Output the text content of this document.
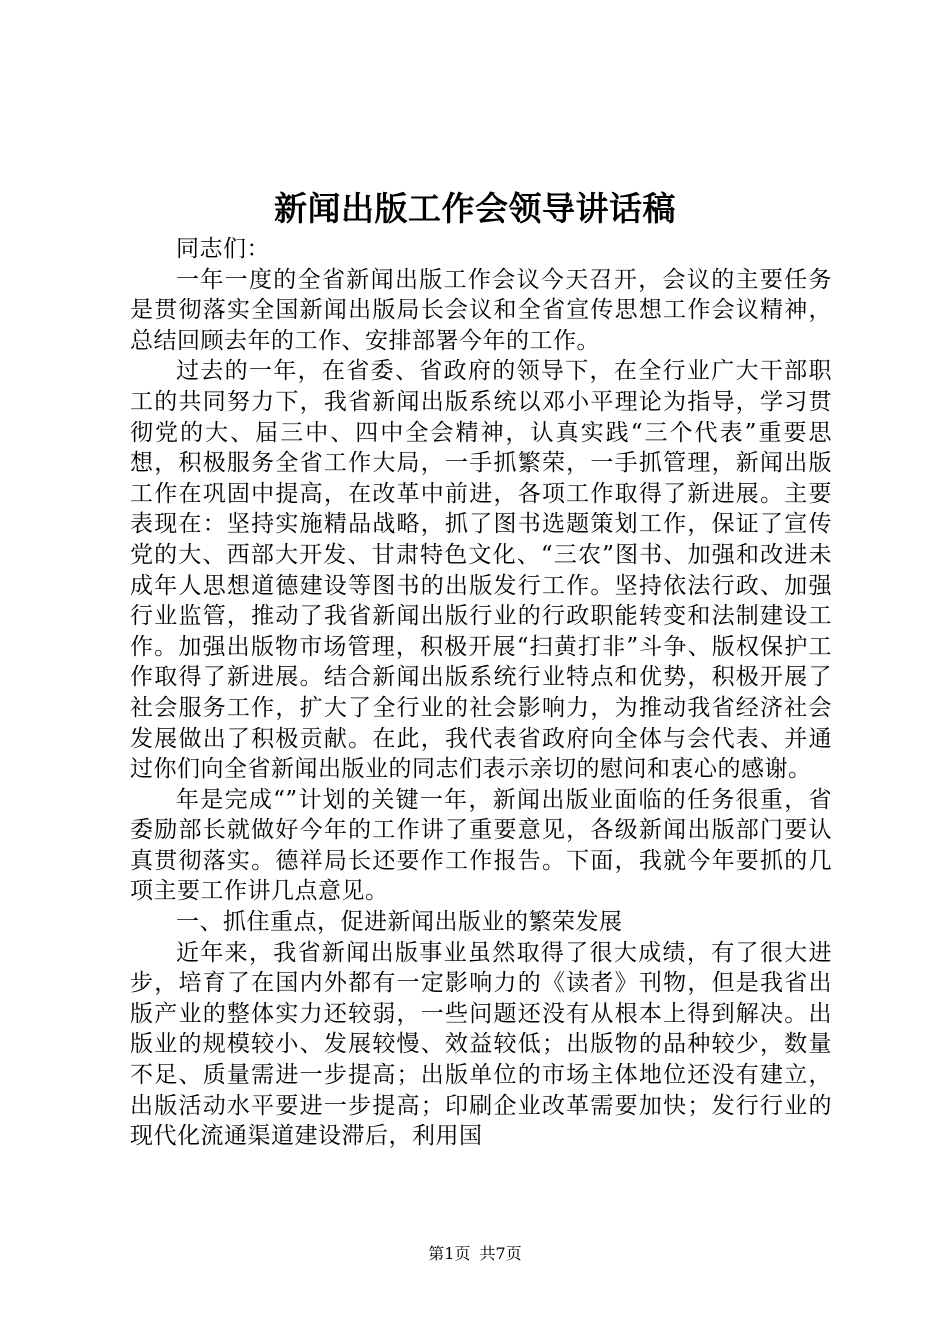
新闻出版工作会领导讲话稿

同志们：

一年一度的全省新闻出版工作会议今天召开，会议的主要任务是贯彻落实全国新闻出版局长会议和全省宣传思想工作会议精神，总结回顾去年的工作、安排部署今年的工作。

过去的一年，在省委、省政府的领导下，在全行业广大干部职工的共同努力下，我省新闻出版系统以邓小平理论为指导，学习贯彻党的大、届三中、四中全会精神，认真实践“三个代表”重要思想，积极服务全省工作大局，一手抓繁荣，一手抓管理，新闻出版工作在巩固中提高，在改革中前进，各项工作取得了新进展。主要表现在：坚持实施精品战略，抓了图书选题策划工作，保证了宣传党的大、西部大开发、甘肃特色文化、“三农”图书、加强和改进未成年人思想道德建设等图书的出版发行工作。坚持依法行政、加强行业监管，推动了我省新闻出版行业的行政职能转变和法制建设工作。加强出版物市场管理，积极开展“扫黄打非”斗争、版权保护工作取得了新进展。结合新闻出版系统行业特点和优势，积极开展了社会服务工作，扩大了全行业的社会影响力，为推动我省经济社会发展做出了积极贡献。在此，我代表省政府向全体与会代表、并通过你们向全省新闻出版业的同志们表示亲切的慰问和衷心的感谢。

年是完成“”计划的关键一年，新闻出版业面临的任务很重，省委励部长就做好今年的工作讲了重要意见，各级新闻出版部门要认真贯彻落实。德祥局长还要作工作报告。下面，我就今年要抓的几项主要工作讲几点意见。

一、抓住重点，促进新闻出版业的繁荣发展

近年来，我省新闻出版事业虽然取得了很大成绩，有了很大进步，培育了在国内外都有一定影响力的《读者》刊物，但是我省出版产业的整体实力还较弱，一些问题还没有从根本上得到解决。出版业的规模较小、发展较慢、效益较低；出版物的品种较少，数量不足、质量需进一步提高；出版单位的市场主体地位还没有建立，出版活动水平要进一步提高；印刷企业改革需要加快；发行行业的现代化流通渠道建设滞后，利用国

第1页 共7页
